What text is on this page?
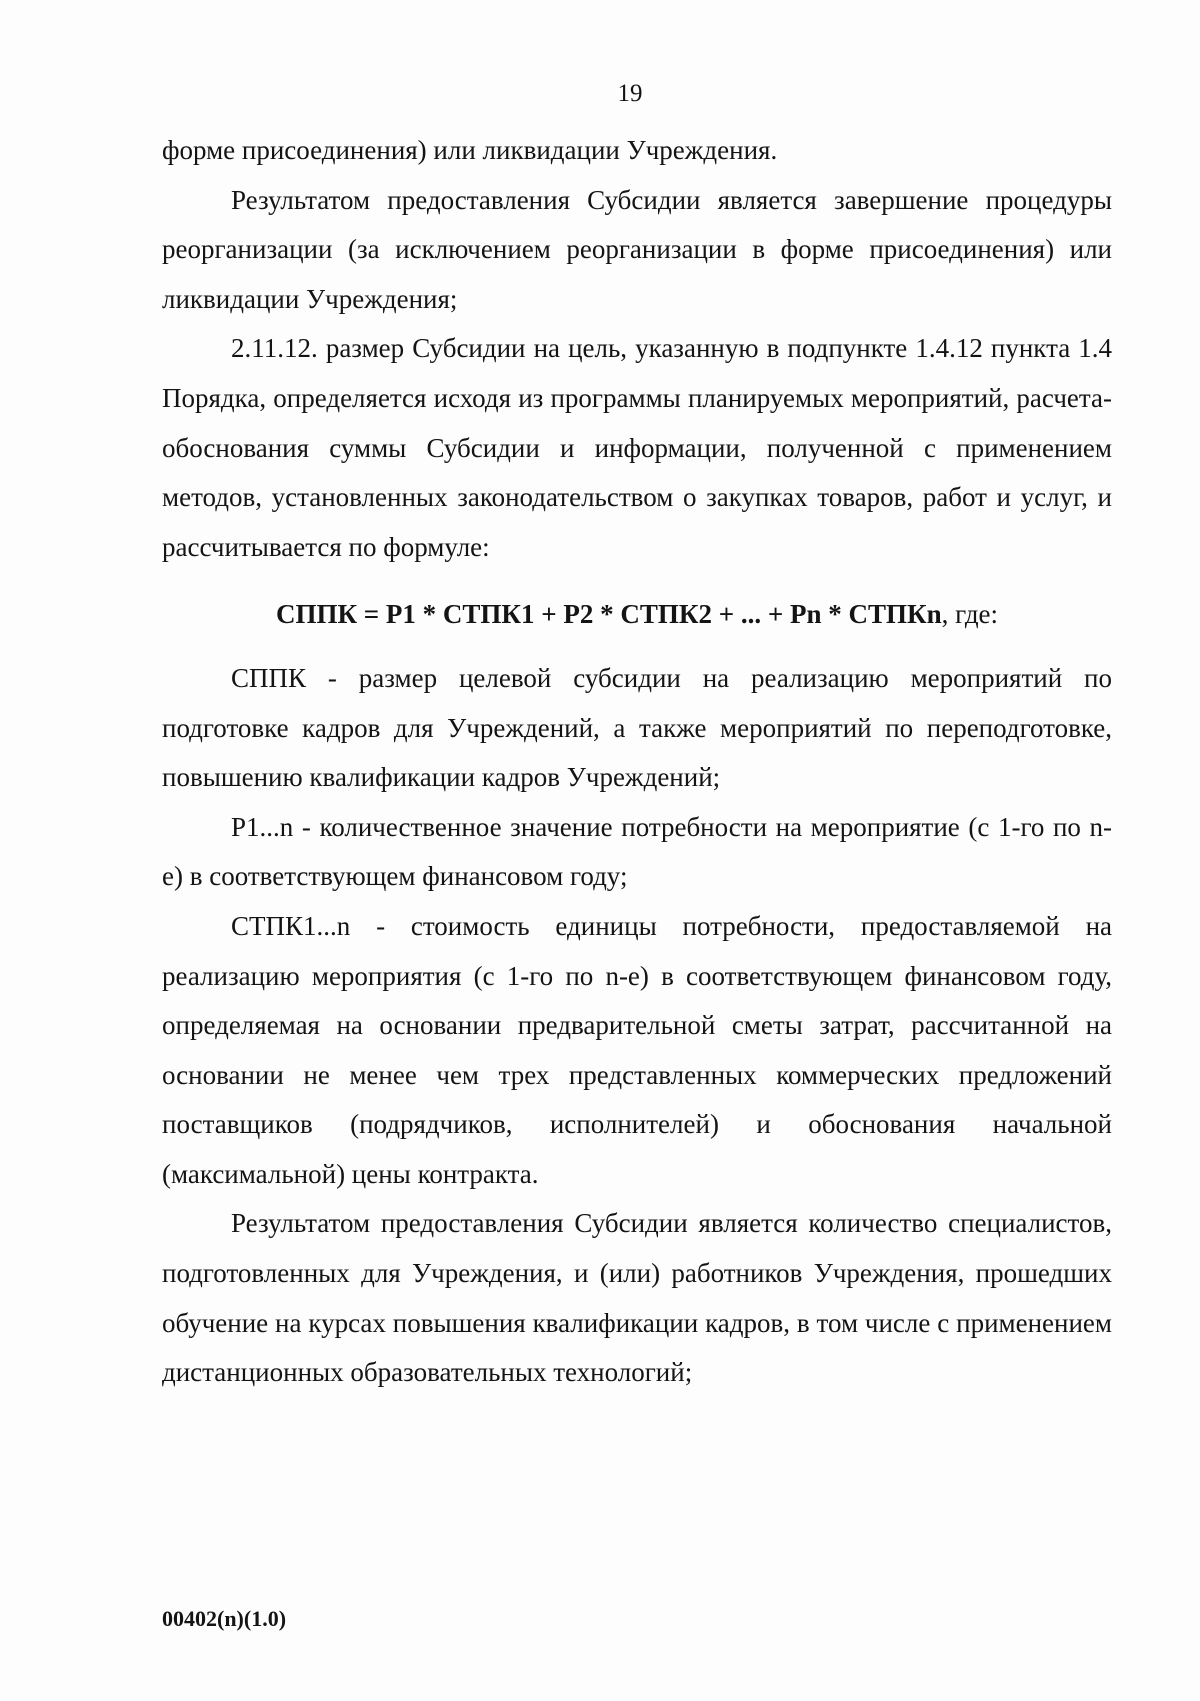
19

форме присоединения) или ликвидации Учреждения.

Результатом предоставления Субсидии является завершение процедуры реорганизации (за исключением реорганизации в форме присоединения) или ликвидации Учреждения;

2.11.12. размер Субсидии на цель, указанную в подпункте 1.4.12 пункта 1.4 Порядка, определяется исходя из программы планируемых мероприятий, расчета-обоснования суммы Субсидии и информации, полученной с применением методов, установленных законодательством о закупках товаров, работ и услуг, и рассчитывается по формуле:

СППК = Р1 * СТПК1 + Р2 * СТПК2 + ... + Рn * СТПКn, где:

СППК - размер целевой субсидии на реализацию мероприятий по подготовке кадров для Учреждений, а также мероприятий по переподготовке, повышению квалификации кадров Учреждений;

Р1...n - количественное значение потребности на мероприятие (с 1-го по n-е) в соответствующем финансовом году;

СТПК1...n - стоимость единицы потребности, предоставляемой на реализацию мероприятия (с 1-го по n-е) в соответствующем финансовом году, определяемая на основании предварительной сметы затрат, рассчитанной на основании не менее чем трех представленных коммерческих предложений поставщиков (подрядчиков, исполнителей) и обоснования начальной (максимальной) цены контракта.

Результатом предоставления Субсидии является количество специалистов, подготовленных для Учреждения, и (или) работников Учреждения, прошедших обучение на курсах повышения квалификации кадров, в том числе с применением дистанционных образовательных технологий;

00402(n)(1.0)
